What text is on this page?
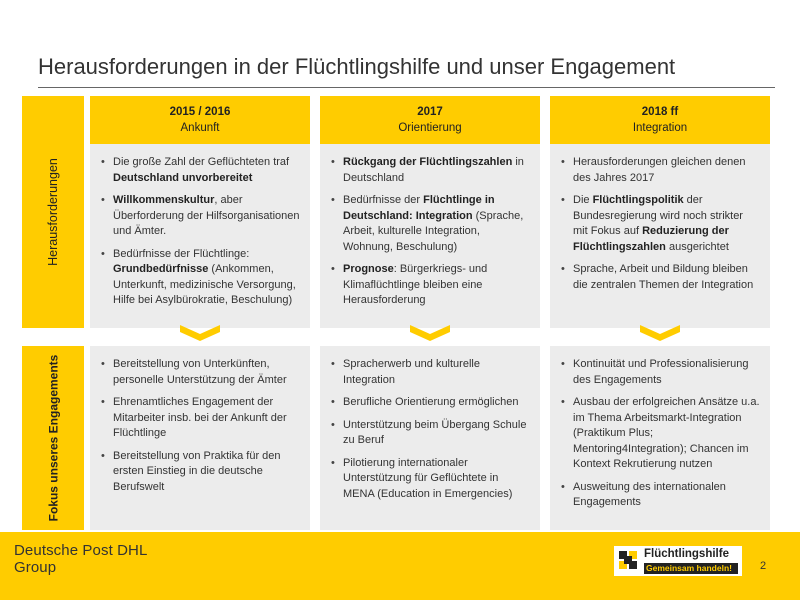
Herausforderungen in der Flüchtlingshilfe und unser Engagement
Herausforderungen
Fokus unseres Engagements
2015 / 2016
Ankunft
2017
Orientierung
2018 ff
Integration
• Die große Zahl der Geflüchteten traf Deutschland unvorbereitet
• Willkommenskultur, aber Überforderung der Hilfsorganisationen und Ämter.
• Bedürfnisse der Flüchtlinge: Grundbedürfnisse (Ankommen, Unterkunft, medizinische Versorgung, Hilfe bei Asylbürokratie, Beschulung)
• Rückgang der Flüchtlingszahlen in Deutschland
• Bedürfnisse der Flüchtlinge in Deutschland: Integration (Sprache, Arbeit, kulturelle Integration, Wohnung, Beschulung)
• Prognose: Bürgerkriegs- und Klimaflüchtlinge bleiben eine Herausforderung
• Herausforderungen gleichen denen des Jahres 2017
• Die Flüchtlingspolitik der Bundesregierung wird noch strikter mit Fokus auf Reduzierung der Flüchtlingszahlen ausgerichtet
• Sprache, Arbeit und Bildung bleiben die zentralen Themen der Integration
• Bereitstellung von Unterkünften, personelle Unterstützung der Ämter
• Ehrenamtliches Engagement der Mitarbeiter insb. bei der Ankunft der Flüchtlinge
• Bereitstellung von Praktika für den ersten Einstieg in die deutsche Berufswelt
• Spracherwerb und kulturelle Integration
• Berufliche Orientierung ermöglichen
• Unterstützung beim Übergang Schule zu Beruf
• Pilotierung internationaler Unterstützung für Geflüchtete in MENA (Education in Emergencies)
• Kontinuität und Professionalisierung des Engagements
• Ausbau der erfolgreichen Ansätze u.a. im Thema Arbeitsmarkt-Integration (Praktikum Plus; Mentoring4Integration); Chancen im Kontext Rekrutierung nutzen
• Ausweitung des internationalen Engagements
Deutsche Post DHL
Group
Flüchtlingshilfe
Gemeinsam handeln!	2
